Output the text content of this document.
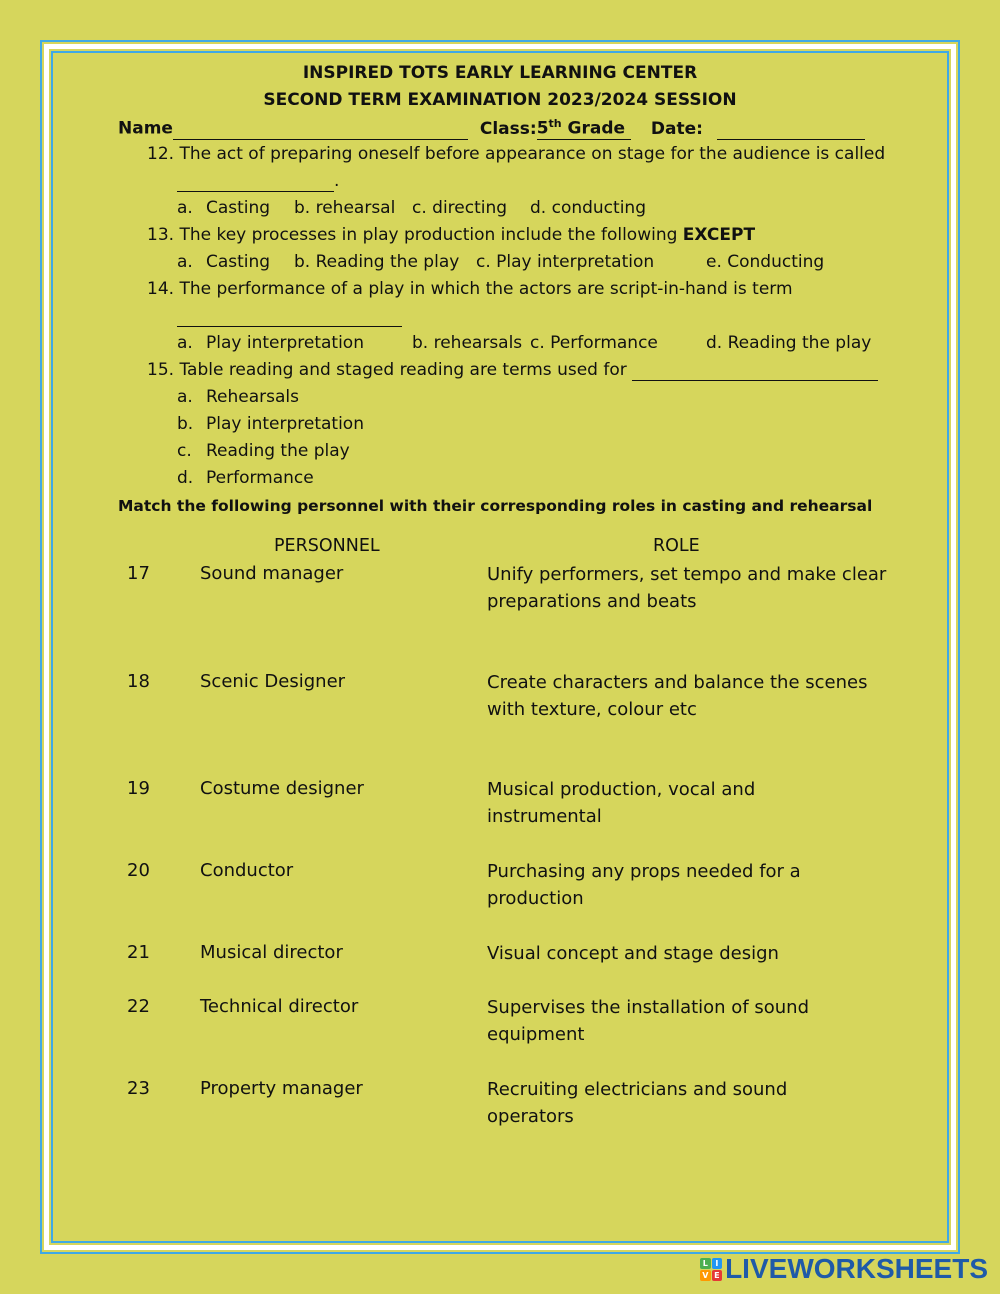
INSPIRED TOTS EARLY LEARNING CENTER
SECOND TERM EXAMINATION 2023/2024 SESSION
Name	Class:5th Grade  Date:
12. The act of preparing oneself before appearance on stage for the audience is called
.
a. Casting b. rehearsal c. directing d. conducting
13. The key processes in play production include the following EXCEPT
a. Casting b. Reading the play c. Play interpretation	e. Conducting
14. The performance of a play in which the actors are script-in-hand is term

a. Play interpretation	b. rehearsals c. Performance	d. Reading the play
15. Table reading and staged reading are terms used for
a. Rehearsals
b. Play interpretation
c. Reading the play
d. Performance
Match the following personnel with their corresponding roles in casting and rehearsal
PERSONNEL	ROLE
17	Sound manager	Unify performers, set tempo and make clear preparations and beats
18	Scenic Designer	Create characters and balance the scenes with texture, colour etc
19	Costume designer	Musical production, vocal and instrumental
20	Conductor	Purchasing any props needed for a production
21	Musical director	Visual concept and stage design
22	Technical director	Supervises the installation of sound equipment
23	Property manager	Recruiting electricians and sound operators
L I
V E LIVEWORKSHEETS
